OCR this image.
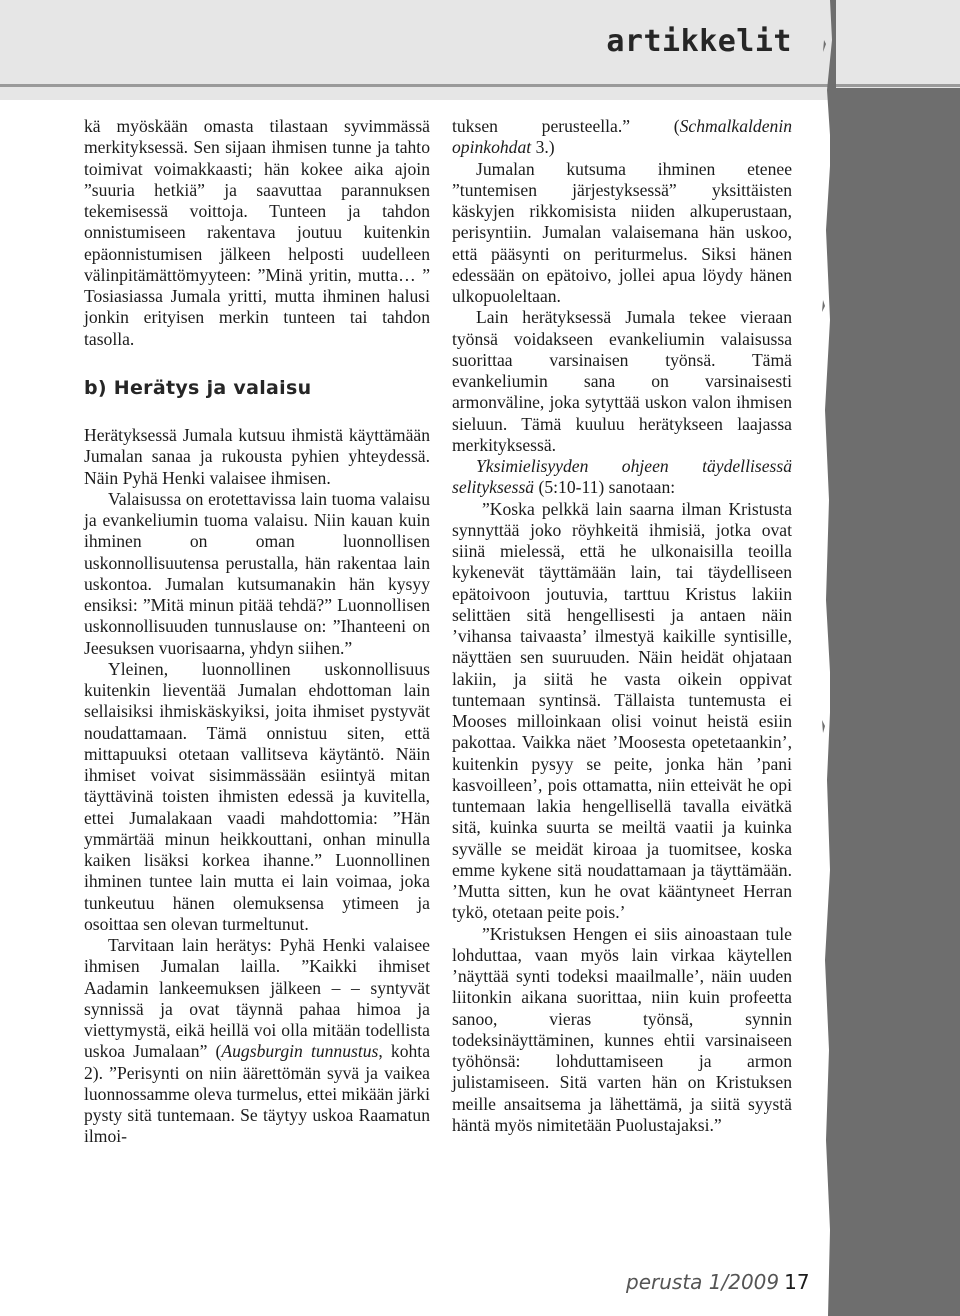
artikkelit

kä myöskään omasta tilastaan syvimmässä merkityksessä. Sen sijaan ihmisen tunne ja tahto toimivat voimakkaasti; hän kokee aika ajoin ”suuria hetkiä” ja saavuttaa parannuksen tekemisessä voittoja. Tunteen ja tahdon onnistumiseen rakentava joutuu kuitenkin epäonnistumisen jälkeen helposti uudelleen välinpitämättömyyteen: ”Minä yritin, mutta… ” Tosiasiassa Jumala yritti, mutta ihminen halusi jonkin erityisen merkin tunteen tai tahdon tasolla.

b) Herätys ja valaisu

Herätyksessä Jumala kutsuu ihmistä käyttämään Jumalan sanaa ja rukousta pyhien yhteydessä. Näin Pyhä Henki valaisee ihmisen.

Valaisussa on erotettavissa lain tuoma valaisu ja evankeliumin tuoma valaisu. Niin kauan kuin ihminen on oman luonnollisen uskonnollisuutensa perustalla, hän rakentaa lain uskontoa. Jumalan kutsumanakin hän kysyy ensiksi: ”Mitä minun pitää tehdä?” Luonnollisen uskonnollisuuden tunnuslause on: ”Ihanteeni on Jeesuksen vuorisaarna, yhdyn siihen.”

Yleinen, luonnollinen uskonnollisuus kuitenkin lieventää Jumalan ehdottoman lain sellaisiksi ihmiskäskyiksi, joita ihmiset pystyvät noudattamaan. Tämä onnistuu siten, että mittapuuksi otetaan vallitseva käytäntö. Näin ihmiset voivat sisimmässään esiintyä mitan täyttävinä toisten ihmisten edessä ja kuvitella, ettei Jumalakaan vaadi mahdottomia: ”Hän ymmärtää minun heikkouttani, onhan minulla kaiken lisäksi korkea ihanne.” Luonnollinen ihminen tuntee lain mutta ei lain voimaa, joka tunkeutuu hänen olemuksensa ytimeen ja osoittaa sen olevan turmeltunut.

Tarvitaan lain herätys: Pyhä Henki valaisee ihmisen Jumalan lailla. ”Kaikki ihmiset Aadamin lankeemuksen jälkeen – – syntyvät synnissä ja ovat täynnä pahaa himoa ja viettymystä, eikä heillä voi olla mitään todellista uskoa Jumalaan” (Augsburgin tunnustus, kohta 2). ”Perisynti on niin äärettömän syvä ja vaikea luonnossamme oleva turmelus, ettei mikään järki pysty sitä tuntemaan. Se täytyy uskoa Raamatun ilmoi-

tuksen perusteella.” (Schmalkaldenin opinkohdat 3.)

Jumalan kutsuma ihminen etenee ”tuntemisen järjestyksessä” yksittäisten käskyjen rikkomisista niiden alkuperustaan, perisyntiin. Jumalan valaisemana hän uskoo, että pääsynti on periturmelus. Siksi hänen edessään on epätoivo, jollei apua löydy hänen ulkopuoleltaan.

Lain herätyksessä Jumala tekee vieraan työnsä voidakseen evankeliumin valaisussa suorittaa varsinaisen työnsä. Tämä evankeliumin sana on varsinaisesti armonväline, joka sytyttää uskon valon ihmisen sieluun. Tämä kuuluu herätykseen laajassa merkityksessä.

Yksimielisyyden ohjeen täydellisessä selityksessä (5:10-11) sanotaan:

”Koska pelkkä lain saarna ilman Kristusta synnyttää joko röyhkeitä ihmisiä, jotka ovat siinä mielessä, että he ulkonaisilla teoilla kykenevät täyttämään lain, tai täydelliseen epätoivoon joutuvia, tarttuu Kristus lakiin selittäen sitä hengellisesti ja antaen näin ’vihansa taivaasta’ ilmestyä kaikille syntisille, näyttäen sen suuruuden. Näin heidät ohjataan lakiin, ja siitä he vasta oikein oppivat tuntemaan syntinsä. Tällaista tuntemusta ei Mooses milloinkaan olisi voinut heistä esiin pakottaa. Vaikka näet ’Moosesta opetetaankin’, kuitenkin pysyy se peite, jonka hän ’pani kasvoilleen’, pois ottamatta, niin etteivät he opi tuntemaan lakia hengellisellä tavalla eivätkä sitä, kuinka suurta se meiltä vaatii ja kuinka syvälle se meidät kiroaa ja tuomitsee, koska emme kykene sitä noudattamaan ja täyttämään. ’Mutta sitten, kun he ovat kääntyneet Herran tykö, otetaan peite pois.’

”Kristuksen Hengen ei siis ainoastaan tule lohduttaa, vaan myös lain virkaa käytellen ’näyttää synti todeksi maailmalle’, näin uuden liitonkin aikana suorittaa, niin kuin profeetta sanoo, vieras työnsä, synnin todeksinäyttäminen, kunnes ehtii varsinaiseen työhönsä: lohduttamiseen ja armon julistamiseen. Sitä varten hän on Kristuksen meille ansaitsema ja lähettämä, ja siitä syystä häntä myös nimitetään Puolustajaksi.”

perusta 1/2009 17
